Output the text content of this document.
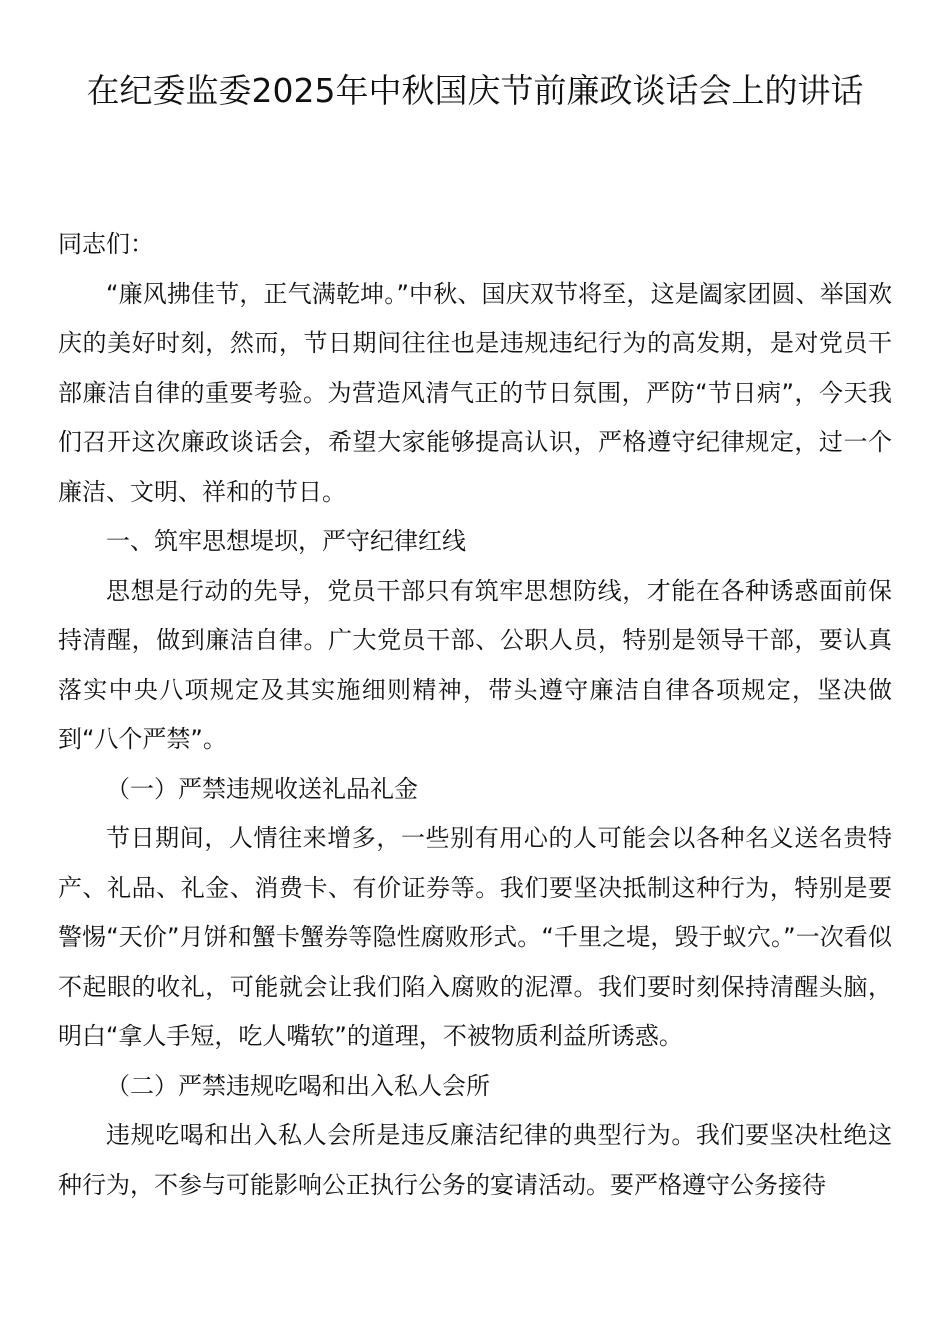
在纪委监委2025年中秋国庆节前廉政谈话会上的讲话

同志们：

“廉风拂佳节，正气满乾坤。”中秋、国庆双节将至，这是阖家团圆、举国欢庆的美好时刻，然而，节日期间往往也是违规违纪行为的高发期，是对党员干部廉洁自律的重要考验。为营造风清气正的节日氛围，严防“节日病”，今天我们召开这次廉政谈话会，希望大家能够提高认识，严格遵守纪律规定，过一个廉洁、文明、祥和的节日。

一、筑牢思想堤坝，严守纪律红线

思想是行动的先导，党员干部只有筑牢思想防线，才能在各种诱惑面前保持清醒，做到廉洁自律。广大党员干部、公职人员，特别是领导干部，要认真落实中央八项规定及其实施细则精神，带头遵守廉洁自律各项规定，坚决做到“八个严禁”。

（一）严禁违规收送礼品礼金

节日期间，人情往来增多，一些别有用心的人可能会以各种名义送名贵特产、礼品、礼金、消费卡、有价证券等。我们要坚决抵制这种行为，特别是要警惕“天价”月饼和蟹卡蟹券等隐性腐败形式。“千里之堤，毁于蚁穴。”一次看似不起眼的收礼，可能就会让我们陷入腐败的泥潭。我们要时刻保持清醒头脑，明白“拿人手短，吃人嘴软”的道理，不被物质利益所诱惑。

（二）严禁违规吃喝和出入私人会所

违规吃喝和出入私人会所是违反廉洁纪律的典型行为。我们要坚决杜绝这种行为，不参与可能影响公正执行公务的宴请活动。要严格遵守公务接待
